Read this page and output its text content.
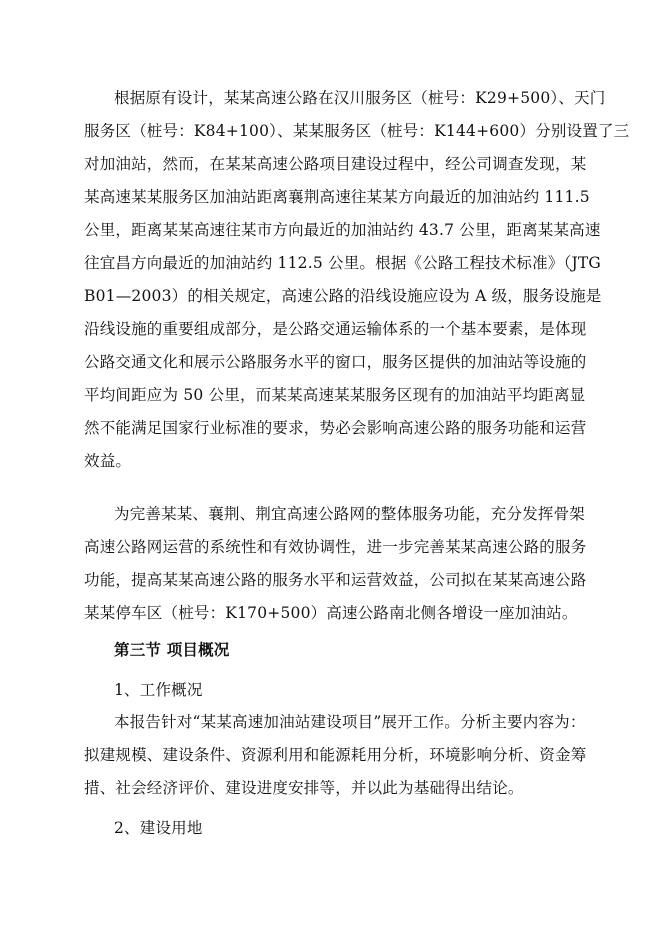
根据原有设计，某某高速公路在汉川服务区（桩号：K29+500）、天门
服务区（桩号：K84+100）、某某服务区（桩号：K144+600）分别设置了三
对加油站，然而，在某某高速公路项目建设过程中，经公司调查发现，某
某高速某某服务区加油站距离襄荆高速往某某方向最近的加油站约 111.5
公里，距离某某高速往某市方向最近的加油站约 43.7 公里，距离某某高速
往宜昌方向最近的加油站约 112.5 公里。根据《公路工程技术标准》（JTG
B01—2003）的相关规定，高速公路的沿线设施应设为 A 级，服务设施是
沿线设施的重要组成部分，是公路交通运输体系的一个基本要素，是体现
公路交通文化和展示公路服务水平的窗口，服务区提供的加油站等设施的
平均间距应为 50 公里，而某某高速某某服务区现有的加油站平均距离显
然不能满足国家行业标准的要求，势必会影响高速公路的服务功能和运营
效益。
为完善某某、襄荆、荆宜高速公路网的整体服务功能，充分发挥骨架
高速公路网运营的系统性和有效协调性，进一步完善某某高速公路的服务
功能，提高某某高速公路的服务水平和运营效益，公司拟在某某高速公路
某某停车区（桩号：K170+500）高速公路南北侧各增设一座加油站。
第三节 项目概况
1、工作概况
本报告针对“某某高速加油站建设项目”展开工作。分析主要内容为：
拟建规模、建设条件、资源利用和能源耗用分析，环境影响分析、资金筹
措、社会经济评价、建设进度安排等，并以此为基础得出结论。
2、建设用地
